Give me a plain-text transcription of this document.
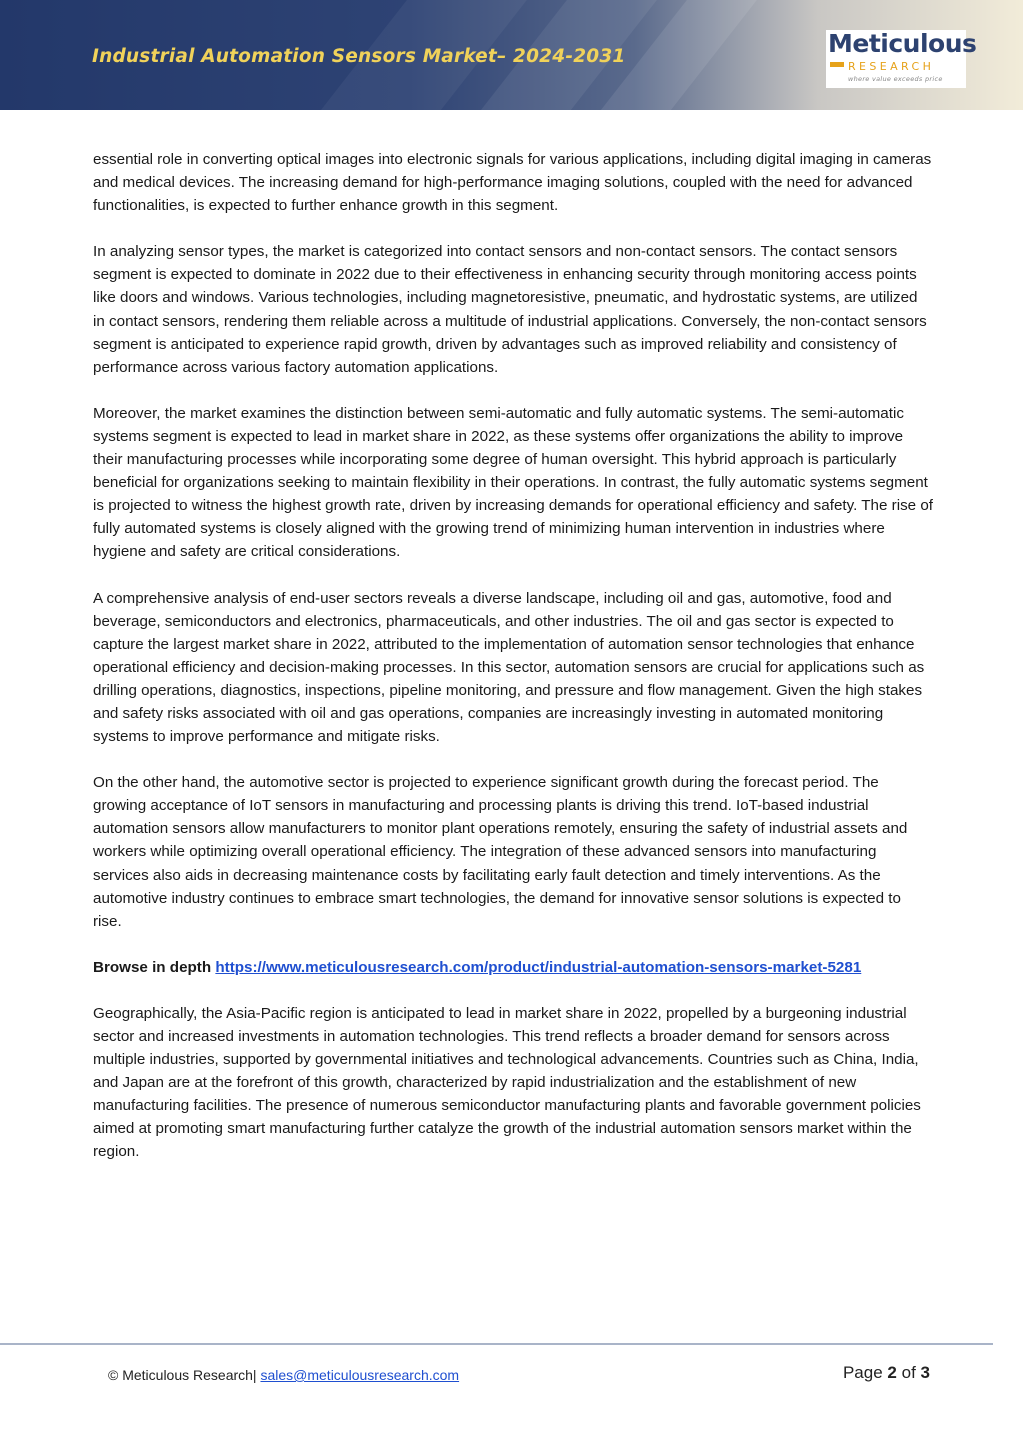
Industrial Automation Sensors Market– 2024-2031	Meticulous
RESEARCH
where value exceeds price

essential role in converting optical images into electronic signals for various applications, including digital imaging in cameras and medical devices. The increasing demand for high-performance imaging solutions, coupled with the need for advanced functionalities, is expected to further enhance growth in this segment.

In analyzing sensor types, the market is categorized into contact sensors and non-contact sensors. The contact sensors segment is expected to dominate in 2022 due to their effectiveness in enhancing security through monitoring access points like doors and windows. Various technologies, including magnetoresistive, pneumatic, and hydrostatic systems, are utilized in contact sensors, rendering them reliable across a multitude of industrial applications. Conversely, the non-contact sensors segment is anticipated to experience rapid growth, driven by advantages such as improved reliability and consistency of performance across various factory automation applications.

Moreover, the market examines the distinction between semi-automatic and fully automatic systems. The semi-automatic systems segment is expected to lead in market share in 2022, as these systems offer organizations the ability to improve their manufacturing processes while incorporating some degree of human oversight. This hybrid approach is particularly beneficial for organizations seeking to maintain flexibility in their operations. In contrast, the fully automatic systems segment is projected to witness the highest growth rate, driven by increasing demands for operational efficiency and safety. The rise of fully automated systems is closely aligned with the growing trend of minimizing human intervention in industries where hygiene and safety are critical considerations.

A comprehensive analysis of end-user sectors reveals a diverse landscape, including oil and gas, automotive, food and beverage, semiconductors and electronics, pharmaceuticals, and other industries. The oil and gas sector is expected to capture the largest market share in 2022, attributed to the implementation of automation sensor technologies that enhance operational efficiency and decision-making processes. In this sector, automation sensors are crucial for applications such as drilling operations, diagnostics, inspections, pipeline monitoring, and pressure and flow management. Given the high stakes and safety risks associated with oil and gas operations, companies are increasingly investing in automated monitoring systems to improve performance and mitigate risks.

On the other hand, the automotive sector is projected to experience significant growth during the forecast period. The growing acceptance of IoT sensors in manufacturing and processing plants is driving this trend. IoT-based industrial automation sensors allow manufacturers to monitor plant operations remotely, ensuring the safety of industrial assets and workers while optimizing overall operational efficiency. The integration of these advanced sensors into manufacturing services also aids in decreasing maintenance costs by facilitating early fault detection and timely interventions. As the automotive industry continues to embrace smart technologies, the demand for innovative sensor solutions is expected to rise.

Browse in depth https://www.meticulousresearch.com/product/industrial-automation-sensors-market-5281

Geographically, the Asia-Pacific region is anticipated to lead in market share in 2022, propelled by a burgeoning industrial sector and increased investments in automation technologies. This trend reflects a broader demand for sensors across multiple industries, supported by governmental initiatives and technological advancements. Countries such as China, India, and Japan are at the forefront of this growth, characterized by rapid industrialization and the establishment of new manufacturing facilities. The presence of numerous semiconductor manufacturing plants and favorable government policies aimed at promoting smart manufacturing further catalyze the growth of the industrial automation sensors market within the region.

© Meticulous Research| sales@meticulousresearch.com	Page 2 of 3
